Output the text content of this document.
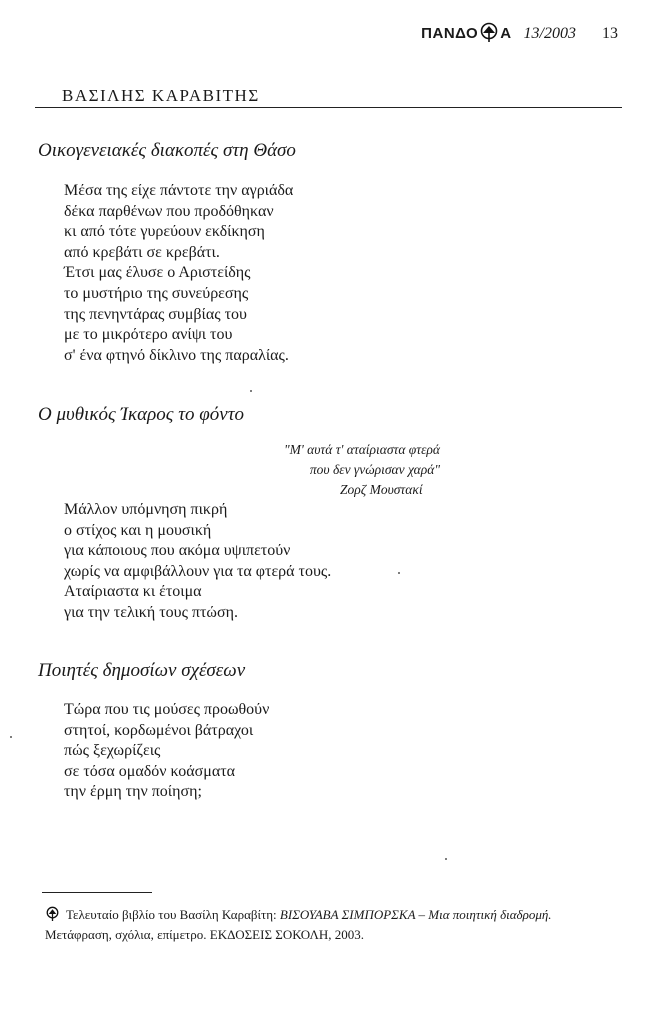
ΠΑΝΔΟ Α 13/2003 13
ΒΑΣΙΛΗΣ ΚΑΡΑΒΙΤΗΣ
Οικογενειακές διακοπές στη Θάσο
Μέσα της είχε πάντοτε την αγριάδα
δέκα παρθένων που προδόθηκαν
κι από τότε γυρεύουν εκδίκηση
από κρεβάτι σε κρεβάτι.
Έτσι μας έλυσε ο Αριστείδης
το μυστήριο της συνεύρεσης
της πενηντάρας συμβίας του
με το μικρότερο ανίψι του
σ' ένα φτηνό δίκλινο της παραλίας.
Ο μυθικός Ίκαρος το φόντο
"Μ' αυτά τ' αταίριαστα φτερά
που δεν γνώρισαν χαρά"
Ζορζ Μουστακί
Μάλλον υπόμνηση πικρή
ο στίχος και η μουσική
για κάποιους που ακόμα υψιπετούν
χωρίς να αμφιβάλλουν για τα φτερά τους.
Αταίριαστα κι έτοιμα
για την τελική τους πτώση.
Ποιητές δημοσίων σχέσεων
Τώρα που τις μούσες προωθούν
στητοί, κορδωμένοι βάτραχοι
πώς ξεχωρίζεις
σε τόσα ομαδόν κοάσματα
την έρμη την ποίηση;
Τελευταίο βιβλίο του Βασίλη Καραβίτη: ΒΙΣΟΥΑΒΑ ΣΙΜΠΟΡΣΚΑ – Μια ποιητική διαδρομή.
Μετάφραση, σχόλια, επίμετρο. ΕΚΔΟΣΕΙΣ ΣΟΚΟΛΗ, 2003.
